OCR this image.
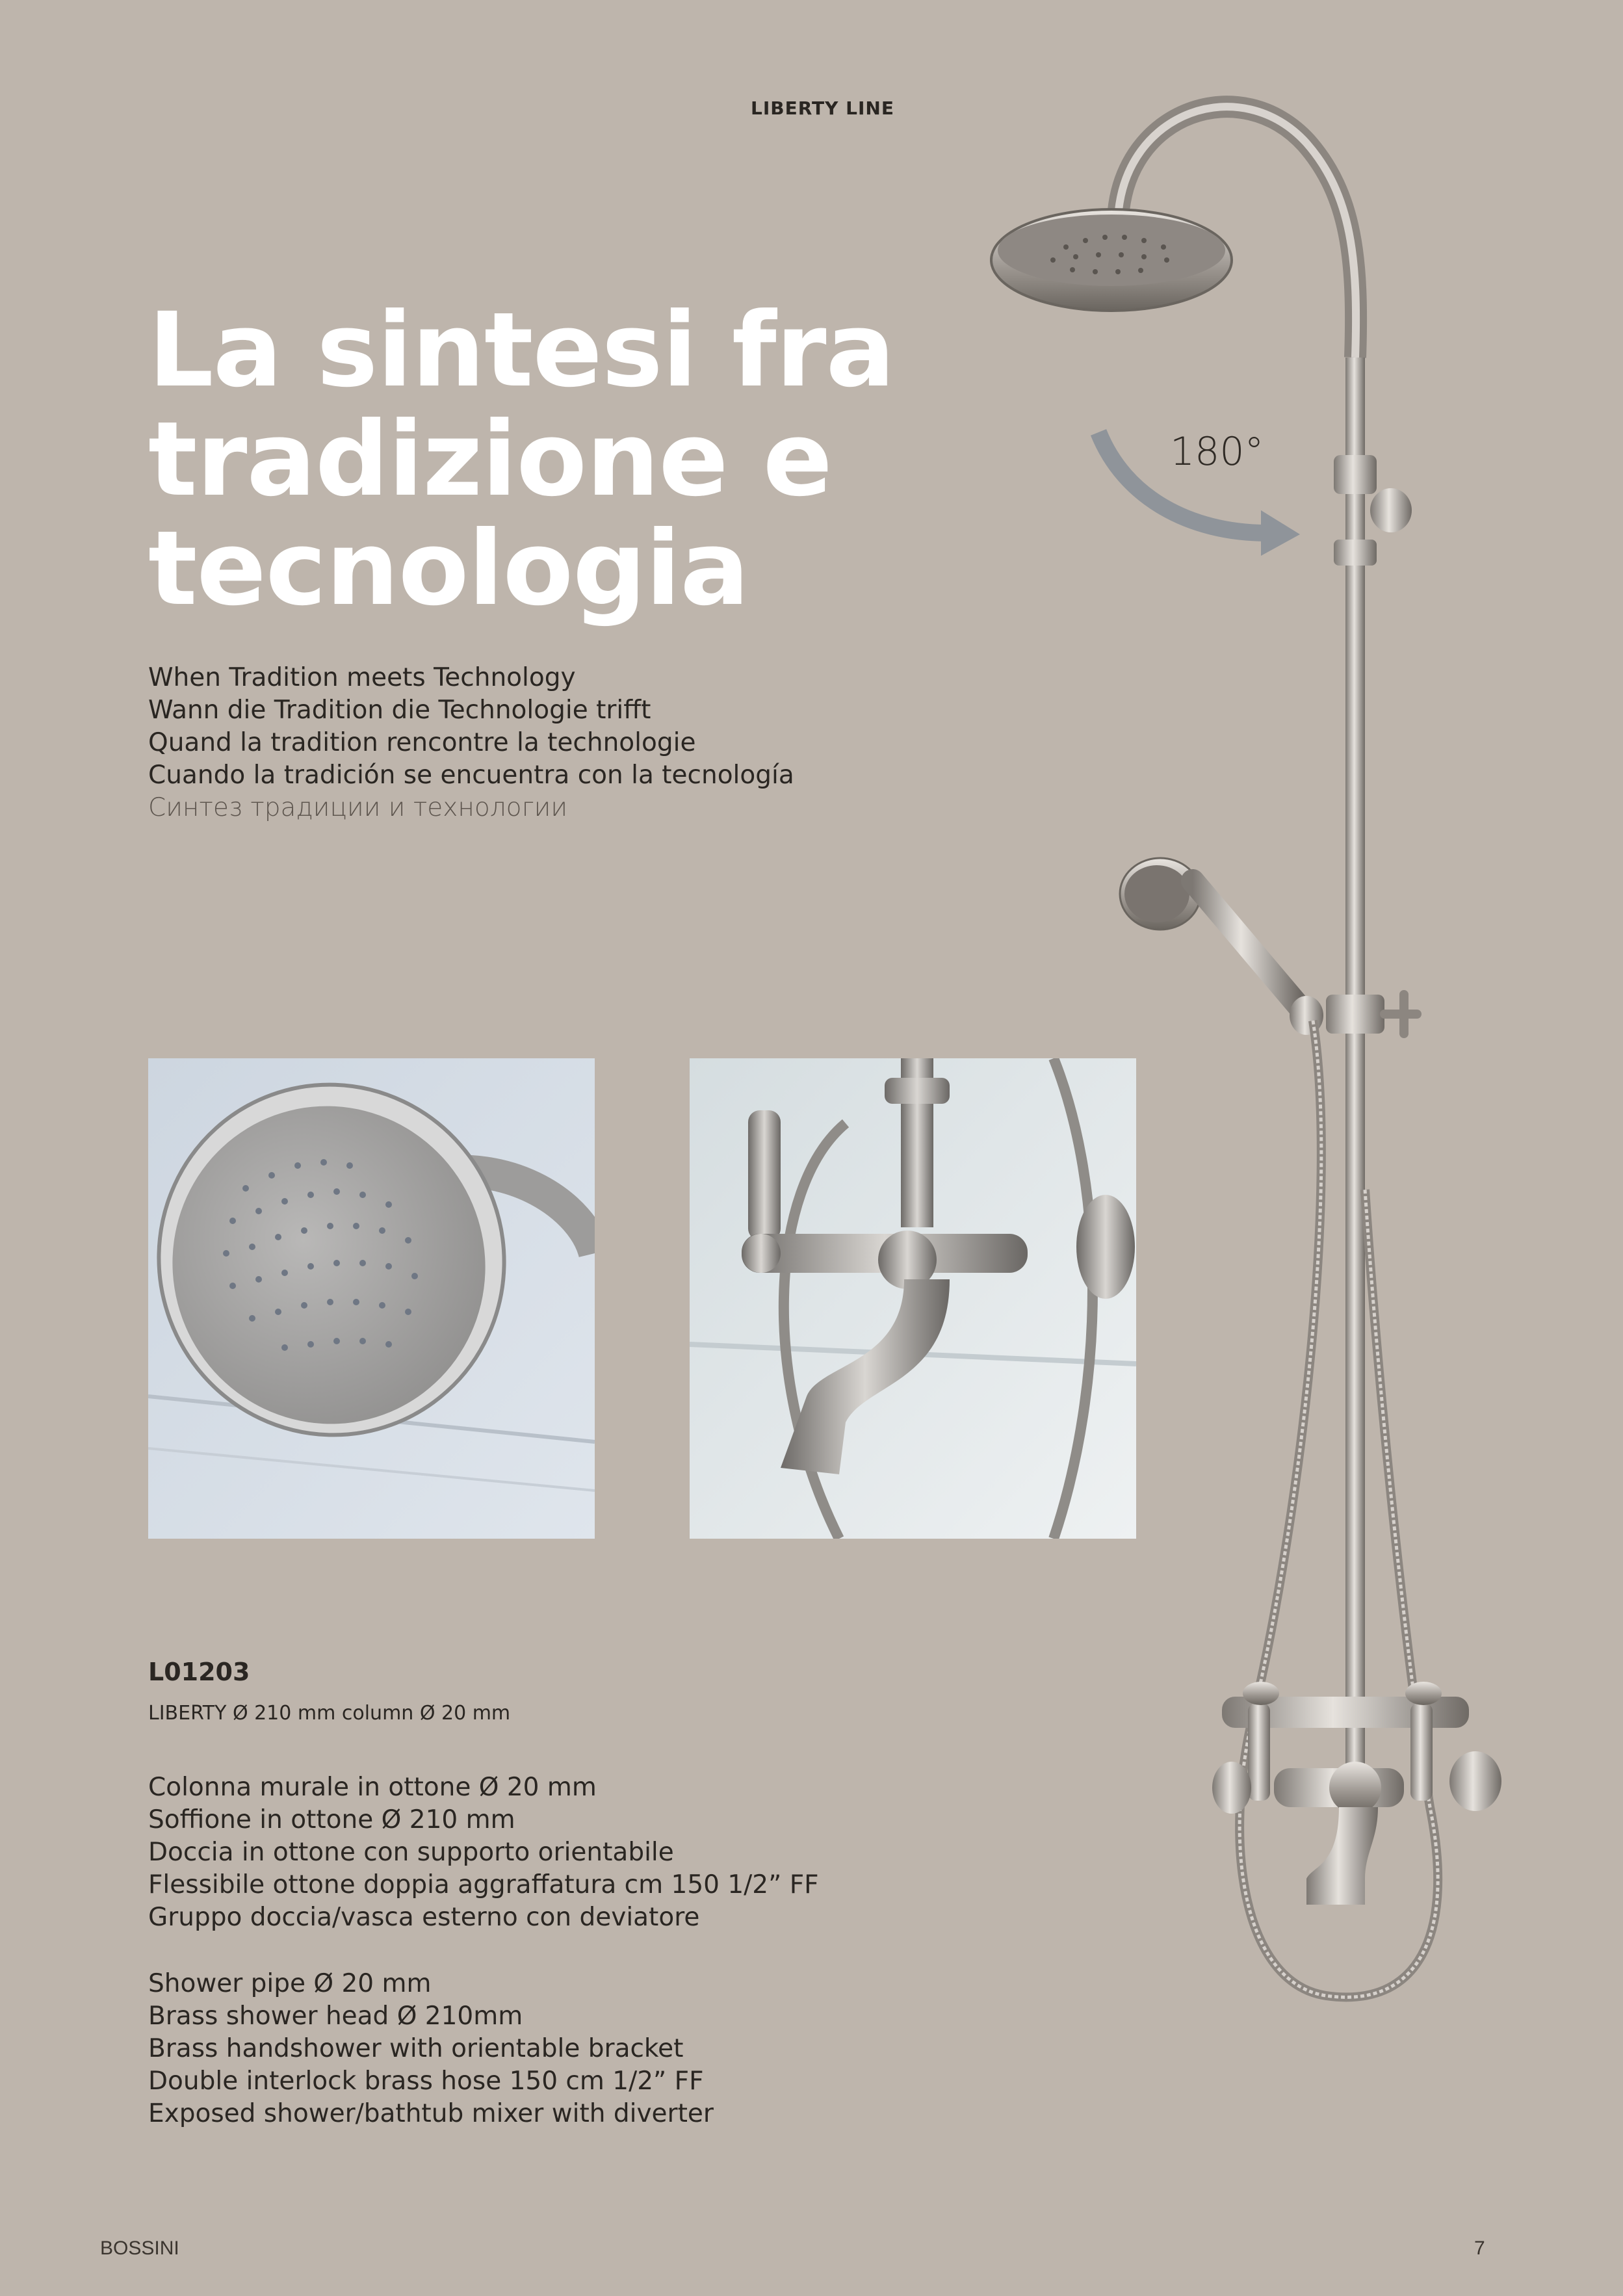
LIBERTY LINE
La sintesi fra
tradizione e
tecnologia
When Tradition meets Technology
Wann die Tradition die Technologie trifft
Quand la tradition rencontre la technologie
Cuando la tradición se encuentra con la tecnología
Синтез традиции и технологии
180°
L01203
LIBERTY Ø 210 mm column Ø 20 mm
Colonna murale in ottone Ø 20 mm
Soffione in ottone Ø 210 mm
Doccia in ottone con supporto orientabile
Flessibile ottone doppia aggraffatura cm 150 1/2” FF
Gruppo doccia/vasca esterno con deviatore
Shower pipe Ø 20 mm
Brass shower head Ø 210mm
Brass handshower with orientable bracket
Double interlock brass hose 150 cm 1/2” FF
Exposed shower/bathtub mixer with diverter
BOSSINI	7
